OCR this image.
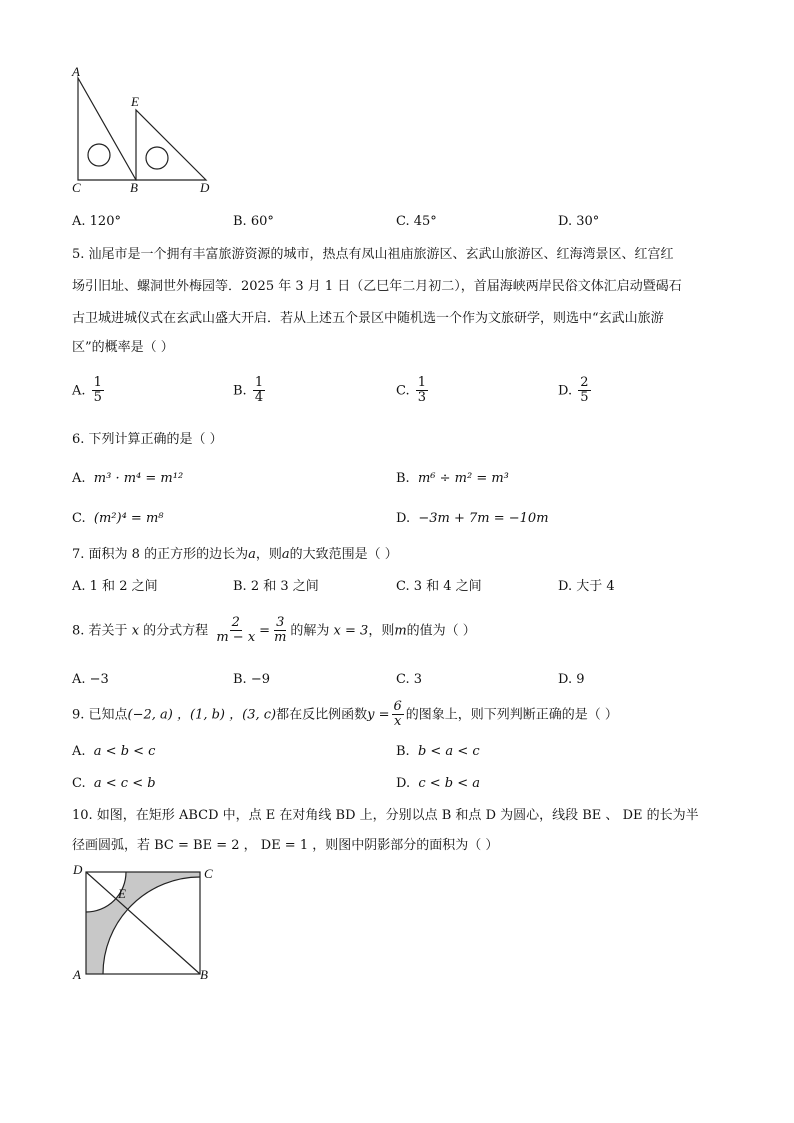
A
E
C	B	D
A. 120°	B. 60°	C. 45°	D. 30°
5. 汕尾市是一个拥有丰富旅游资源的城市，热点有凤山祖庙旅游区、玄武山旅游区、红海湾景区、红宫红
场引旧址、螺洞世外梅园等．2025 年 3 月 1 日（乙巳年二月初二），首届海峡两岸民俗文体汇启动暨碣石
古卫城进城仪式在玄武山盛大开启．若从上述五个景区中随机选一个作为文旅研学，则选中“玄武山旅游
区”的概率是（ ）
A. $\frac{1}{5}$	B. $\frac{1}{4}$	C. $\frac{1}{3}$	D. $\frac{2}{5}$
6. 下列计算正确的是（ ）
A. m³ · m⁴ = m¹²	B. m⁶ ÷ m² = m³
C. (m²)⁴ = m⁸	D. −3m + 7m = −10m
7. 面积为 8 的正方形的边长为a，则a的大致范围是（ ）
A. 1 和 2 之间	B. 2 和 3 之间	C. 3 和 4 之间	D. 大于 4
8. 若关于 x 的分式方程 $\frac{2}{m - x} = \frac{3}{m}$ 的解为 x = 3，则m的值为（ ）
A. −3	B. −9	C. 3	D. 9
9. 已知点(−2, a) ，(1, b) ，(3, c)都在反比例函数$y = \frac{6}{x}$ 的图象上，则下列判断正确的是（ ）
A. a < b < c	B. b < a < c
C. a < c < b	D. c < b < a
10. 如图，在矩形 ABCD 中，点 E 在对角线 BD 上，分别以点 B 和点 D 为圆心，线段 BE 、 DE 的长为半
径画圆弧，若 BC = BE = 2 ， DE = 1 ，则图中阴影部分的面积为（ ）
D	C
E
A	B
